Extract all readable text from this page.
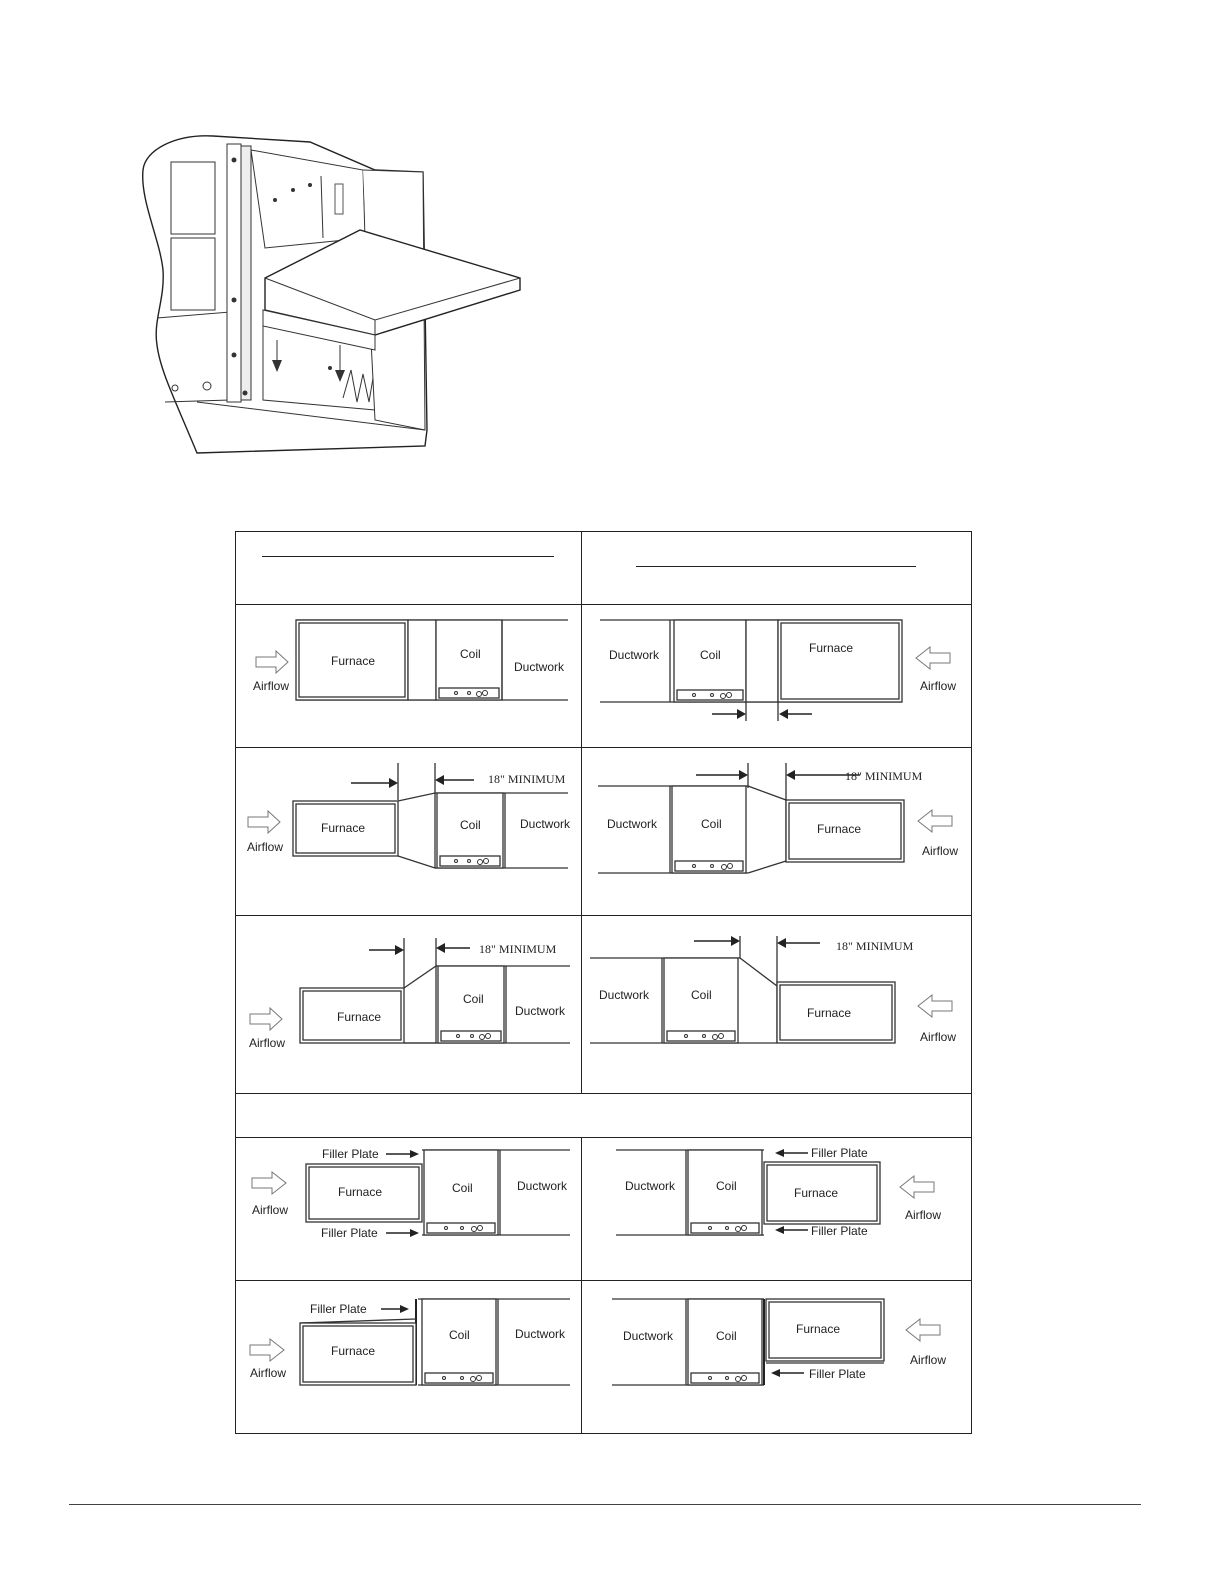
Furnace	Coil
Ductwork
Airflow
Ductwork	Coil	Furnace
Airflow
18" MINIMUM
Furnace	Coil	Ductwork
Airflow
18" MINIMUM
Ductwork	Coil	Furnace
Airflow
18" MINIMUM
Coil
Furnace	Ductwork
Airflow
18" MINIMUM
Ductwork	Coil
Furnace
Airflow
Filler Plate
Filler Plate
Furnace	Coil	Ductwork
Airflow
Filler Plate
Filler Plate
Ductwork	Coil	Furnace
Airflow
Filler Plate
Coil	Ductwork
Furnace
Airflow
Ductwork	Coil	Furnace
Filler Plate
Airflow
